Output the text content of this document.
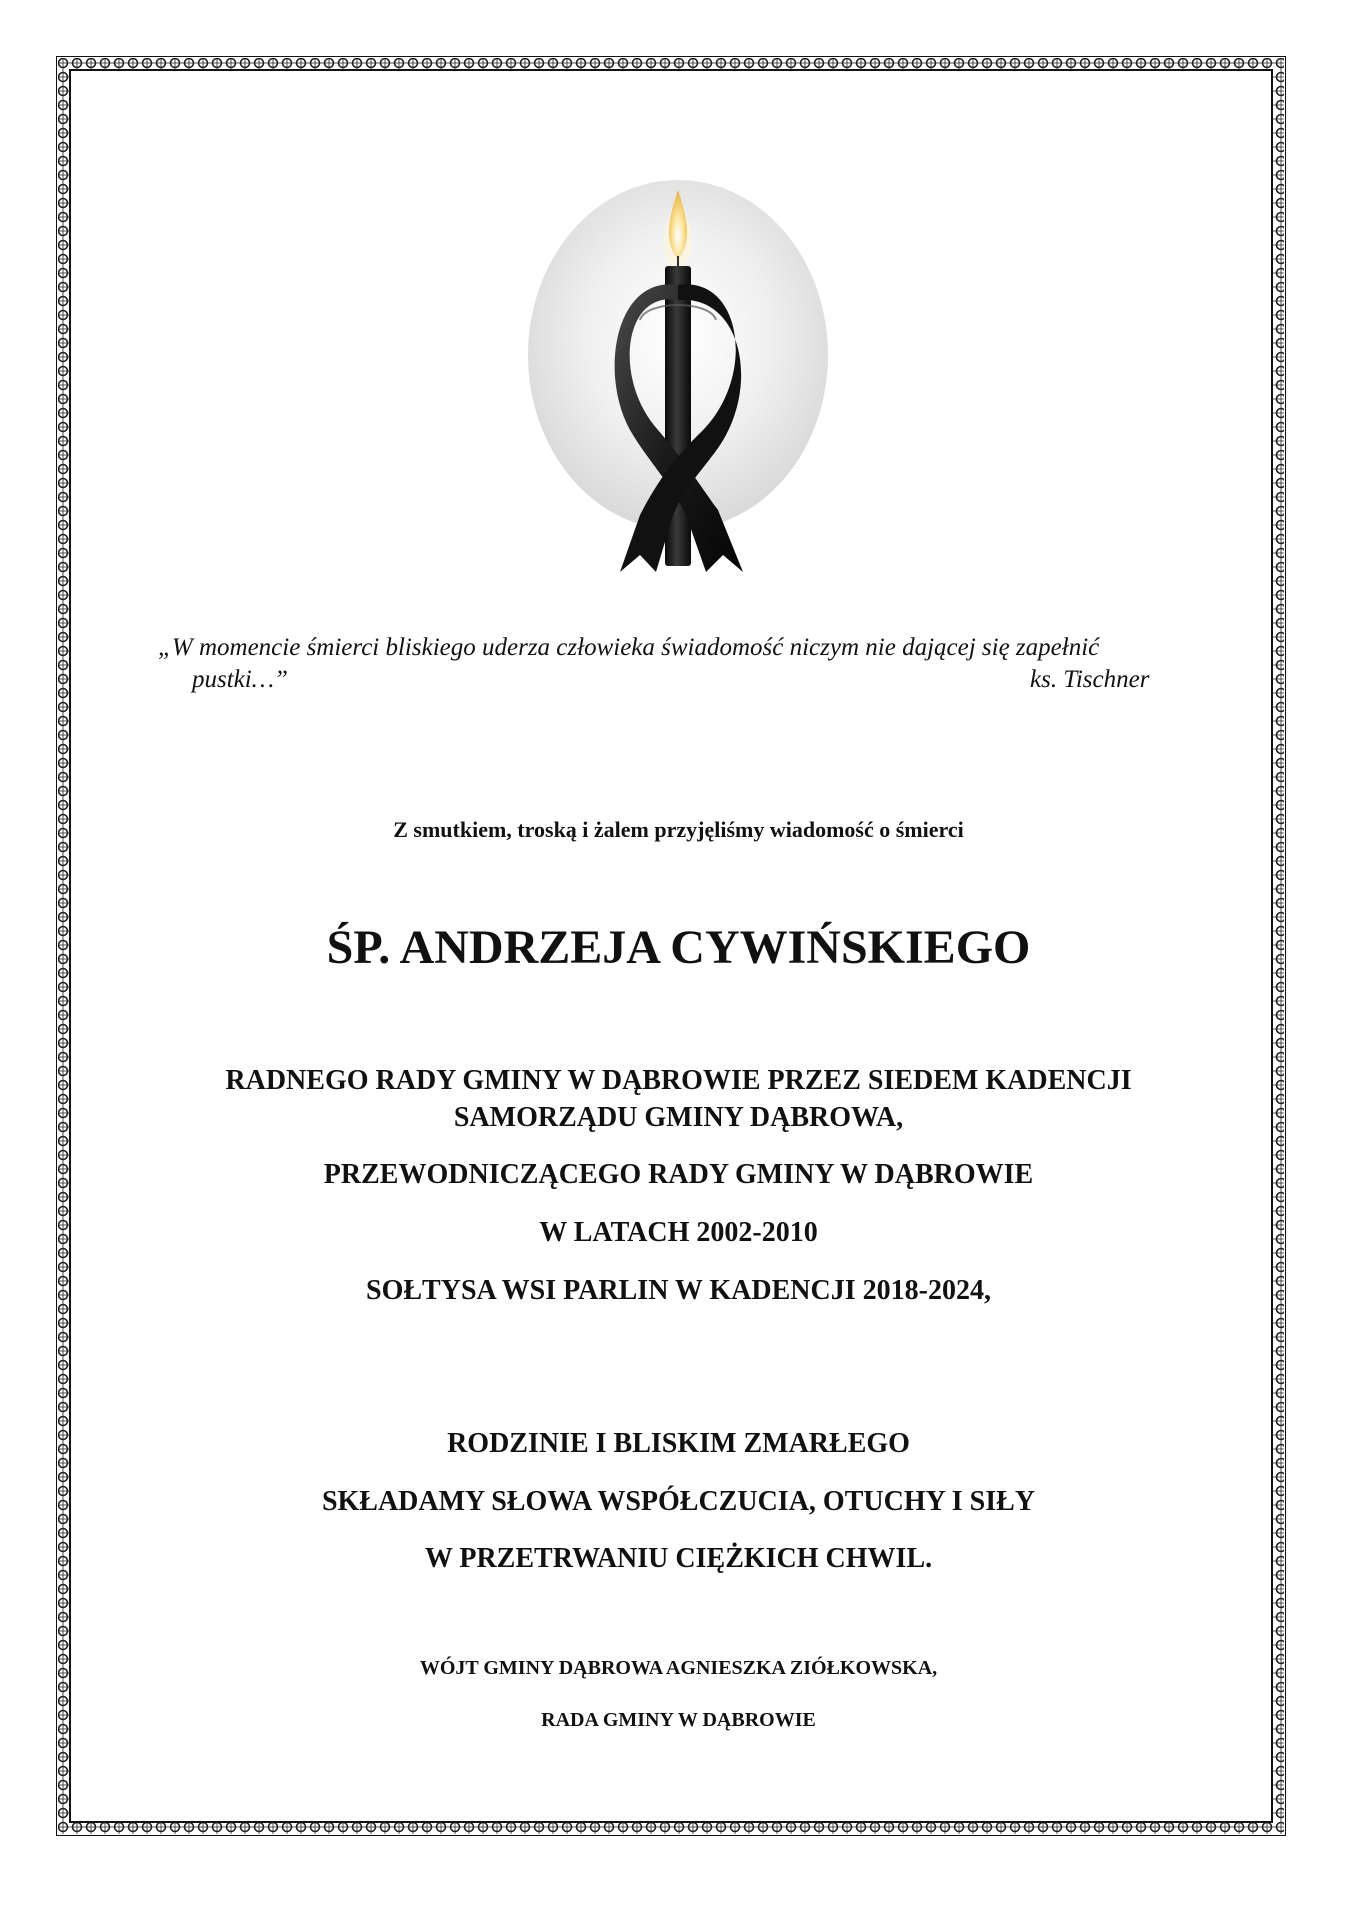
„W momencie śmierci bliskiego uderza człowieka świadomość niczym nie dającej się zapełnić
pustki…”	ks. Tischner
Z smutkiem, troską i żalem przyjęliśmy wiadomość o śmierci
ŚP. ANDRZEJA CYWIŃSKIEGO
RADNEGO RADY GMINY W DĄBROWIE PRZEZ SIEDEM KADENCJI
SAMORZĄDU GMINY DĄBROWA,
PRZEWODNICZĄCEGO RADY GMINY W DĄBROWIE
W LATACH 2002-2010
SOŁTYSA WSI PARLIN W KADENCJI 2018-2024,
RODZINIE I BLISKIM ZMARŁEGO
SKŁADAMY SŁOWA WSPÓŁCZUCIA, OTUCHY I SIŁY
W PRZETRWANIU CIĘŻKICH CHWIL.
WÓJT GMINY DĄBROWA AGNIESZKA ZIÓŁKOWSKA,
RADA GMINY W DĄBROWIE
